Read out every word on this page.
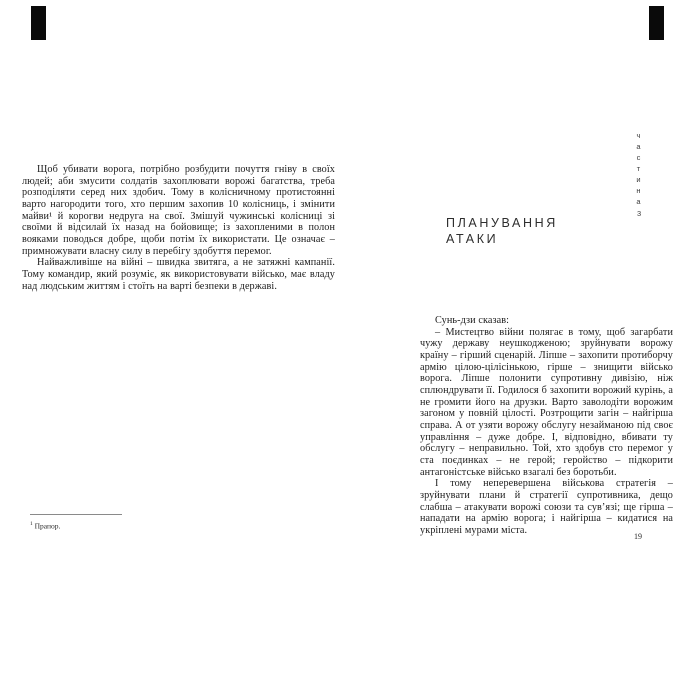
Щоб убивати ворога, потрібно розбудити почуття гніву в своїх людей; аби змусити солдатів захоплювати ворожі багатства, треба розподіляти серед них здобич. Тому в колісничному протистоянні варто нагородити того, хто першим захопив 10 колісниць, і змінити ма́йви¹ й корогви недруга на свої. Змішуй чужинські колісниці зі своїми й відсилай їх назад на бойовище; із захопленими в полон вояками поводься добре, щоби потім їх використати. Це означає – примножувати власну силу в перебігу здобуття перемог.

Найважливіше на війні – швидка звитяга, а не затяжні кампанії. Тому командир, який розуміє, як використовувати військо, має владу над людським життям і стоїть на варті безпеки в державі.

$^1$ Прапор.
частина
3
ПЛАНУВАННЯ
АТАКИ

Сунь-дзи сказав:

– Мистецтво війни полягає в тому, щоб загарбати чужу державу неушкодженою; зруйнувати ворожу країну – гірший сценарій. Ліпше – захопити протиборчу армію цілою-цілісінькою, гірше – знищити військо ворога. Ліпше полонити супротивну дивізію, ніж сплюндрувати її. Годилося б захопити ворожий курінь, а не громити його на друзки. Варто заволодіти ворожим загоном у повній цілості. Розтрощити загін – найгірша справа. А от узяти ворожу обслугу незайманою під своє управління – дуже добре. І, відповідно, вбивати ту обслугу – неправильно. Той, хто здобув сто перемог у ста поєдинках – не герой; геройство – підкорити антагоністське військо взагалі без боротьби.

І тому неперевершена військова стратегія – зруйнувати плани й стратегії супротивника, дещо слабша – атакувати ворожі союзи та сув’язі; ще гірша – нападати на армію ворога; і найгірша – кидатися на укріплені мурами міста.

19
